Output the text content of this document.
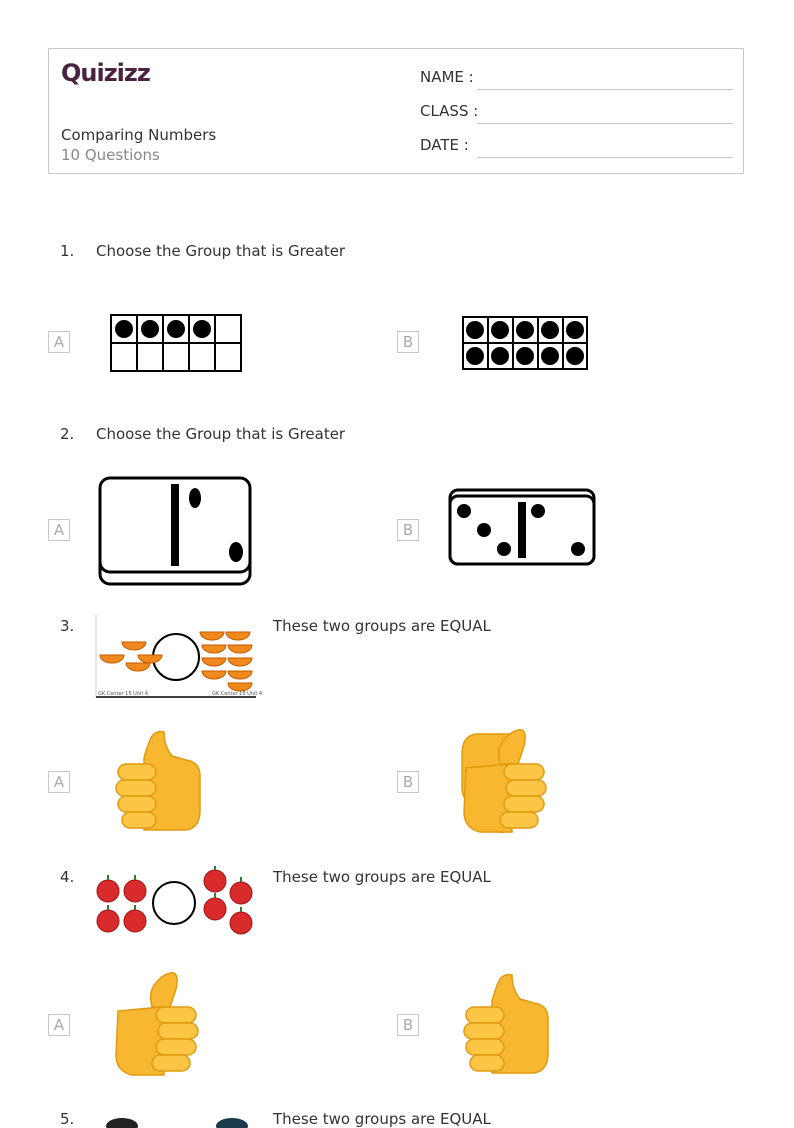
Quizizz
Comparing Numbers
10 Questions
NAME :
CLASS :
DATE :
1. Choose the Group that is Greater
A	B
2. Choose the Group that is Greater
A	B
3.
GK Center 15 Unit 4	GK Center 16 Unit 4
These two groups are EQUAL
A	B
4.	These two groups are EQUAL
A	B
5.	These two groups are EQUAL
